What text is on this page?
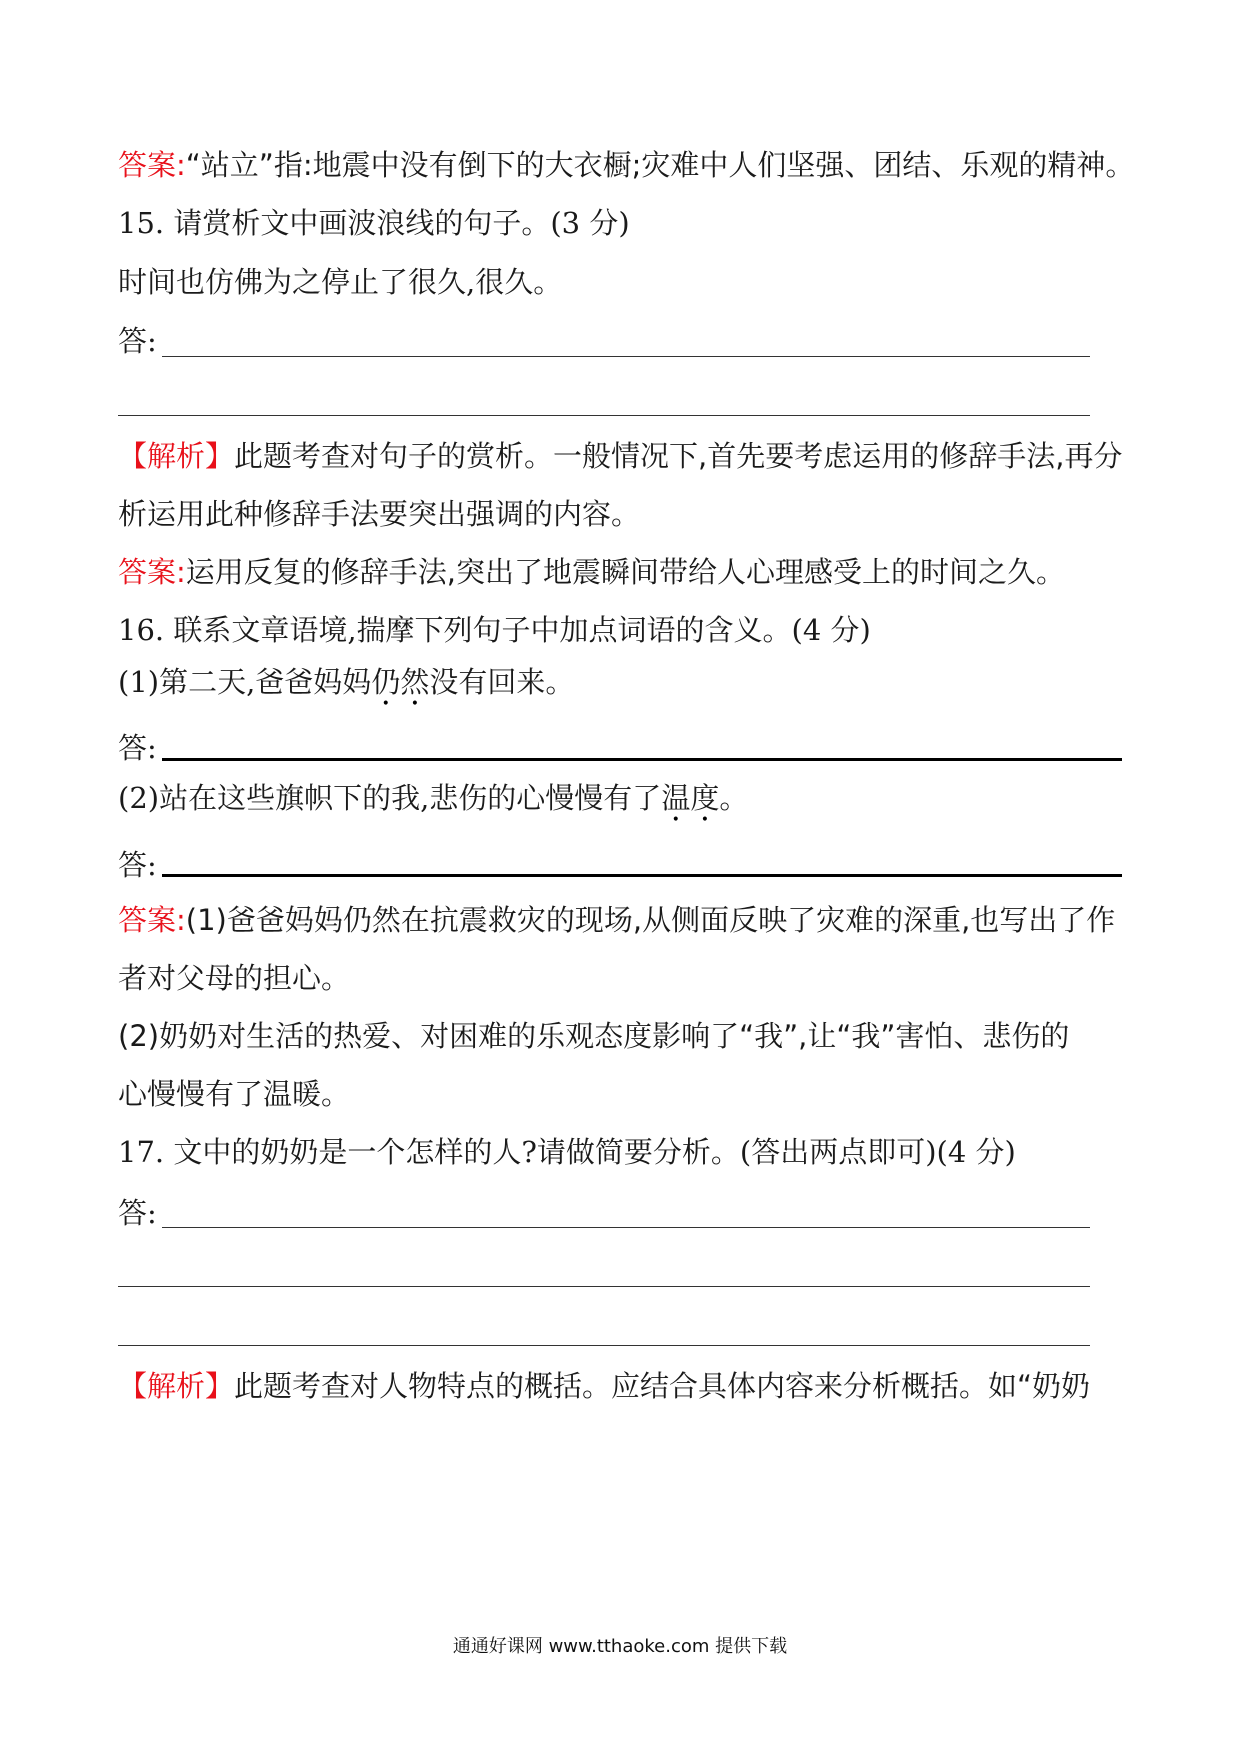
答案:“站立”指:地震中没有倒下的大衣橱;灾难中人们坚强、团结、乐观的精神。
15. 请赏析文中画波浪线的句子。(3 分)
时间也仿佛为之停止了很久,很久。
答:
【解析】此题考查对句子的赏析。一般情况下,首先要考虑运用的修辞手法,再分
析运用此种修辞手法要突出强调的内容。
答案:运用反复的修辞手法,突出了地震瞬间带给人心理感受上的时间之久。
16. 联系文章语境,揣摩下列句子中加点词语的含义。(4 分)
(1)第二天,爸爸妈妈仍然没有回来。
答:
(2)站在这些旗帜下的我,悲伤的心慢慢有了温度。
答:
答案:(1)爸爸妈妈仍然在抗震救灾的现场,从侧面反映了灾难的深重,也写出了作
者对父母的担心。
(2)奶奶对生活的热爱、对困难的乐观态度影响了“我”,让“我”害怕、悲伤的
心慢慢有了温暖。
17. 文中的奶奶是一个怎样的人?请做简要分析。(答出两点即可)(4 分)
答:
【解析】此题考查对人物特点的概括。应结合具体内容来分析概括。如“奶奶
通通好课网 www.tthaoke.com 提供下载
